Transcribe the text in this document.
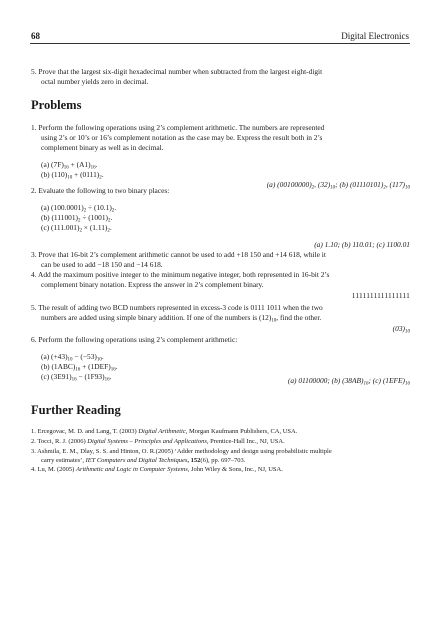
68	Digital Electronics
5. Prove that the largest six-digit hexadecimal number when subtracted from the largest eight-digit
octal number yields zero in decimal.
Problems
1. Perform the following operations using 2’s complement arithmetic. The numbers are represented
using 2’s or 10’s or 16’s complement notation as the case may be. Express the result both in 2’s
complement binary as well as in decimal.
(a) $(7F)_{16} + (A1)_{16}$.
(b) $(110)_{10} + (0111)_2$.
(a) $(00100000)_2$, $(32)_{10}$; (b) $(01110101)_2$, $(117)_{10}$
2. Evaluate the following to two binary places:
(a) $(100.0001)_2 \div (10.1)_2$.
(b) $(111001)_2 \div (1001)_2$.
(c) $(111.001)_2 \times (1.11)_2$.
(a) 1.10; (b) 110.01; (c) 1100.01
3. Prove that 16-bit 2’s complement arithmetic cannot be used to add +18 150 and +14 618, while it
can be used to add −18 150 and −14 618.
4. Add the maximum positive integer to the minimum negative integer, both represented in 16-bit 2’s
complement binary notation. Express the answer in 2’s complement binary.
1111111111111111
5. The result of adding two BCD numbers represented in excess-3 code is 0111 1011 when the two
numbers are added using simple binary addition. If one of the numbers is $(12)_{10}$, find the other.
$(03)_{10}$
6. Perform the following operations using 2’s complement arithmetic:
(a) $(+43)_{10} - (-53)_{10}$.
(b) $(1ABC)_{16} + (1DEF)_{16}$.
(c) $(3E91)_{16} - (1F93)_{16}$.	(a) 01100000; (b) $(38AB)_{16}$; (c) $(1EFE)_{16}$
Further Reading
1. Ercegovac, M. D. and Lang, T. (2003) Digital Arithmetic, Morgan Kaufmann Publishers, CA, USA.
2. Tocci, R. J. (2006) Digital Systems – Principles and Applications, Prentice-Hall Inc., NJ, USA.
3. Ashmila, E. M., Dlay, S. S. and Hinton, O. R.(2005) ‘Adder methodology and design using probabilistic multiple
carry estimates’, IET Computers and Digital Techniques, 152(6), pp. 697–703.
4. Lu, M. (2005) Arithmetic and Logic in Computer Systems, John Wiley & Sons, Inc., NJ, USA.
